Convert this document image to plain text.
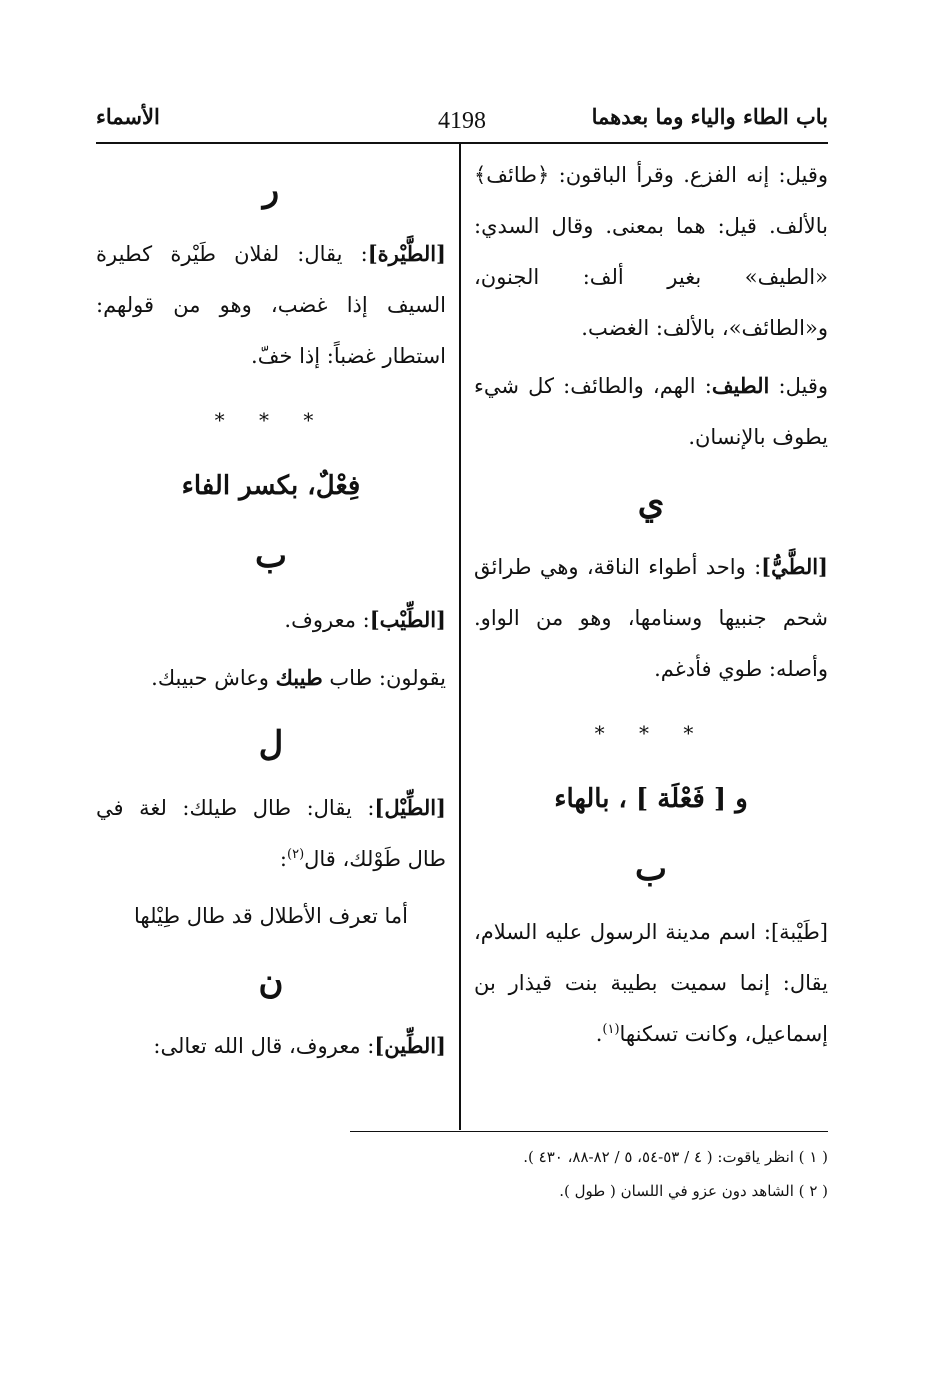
باب الطاء والياء وما بعدهما
4198
الأسماء

وقيل: إنه الفزع. وقرأ الباقون: ﴿طائف﴾ بالألف. قيل: هما بمعنى. وقال السدي: «الطيف» بغير ألف: الجنون، و«الطائف»، بالألف: الغضب.

وقيل: الطيف: الهم، والطائف: كل شيء يطوف بالإنسان.

ي

[الطَّيُّ]: واحد أطواء الناقة، وهي طرائق شحم جنبيها وسنامها، وهو من الواو. وأصله: طوي فأدغم.

* * *
و [ فَعْلَة ] ، بالهاء
ب

[طَيْبة]: اسم مدينة الرسول عليه السلام، يقال: إنما سميت بطيبة بنت قيذار بن إسماعيل، وكانت تسكنها$^{(١)}$.

ر

[الطَّيْرة]: يقال: لفلان طَيْرة كطيرة السيف إذا غضب، وهو من قولهم: استطار غضباً: إذا خفّ.

* * *
فِعْلٌ، بكسر الفاء
ب

[الطِّيْب]: معروف.

يقولون: طاب طيبك وعاش حبيبك.

ل

[الطِّيْل]: يقال: طال طيلك: لغة في طال طَوْلك، قال$^{(٢)}$:

أما تعرف الأطلال قد طال طِيْلها

ن

[الطِّين]: معروف، قال الله تعالى:

( ١ ) انظر ياقوت: ( ٤ / ٥٣-٥٤، ٥ / ٨٢-٨٨، ٤٣٠ ).
( ٢ ) الشاهد دون عزو في اللسان ( طول ).
